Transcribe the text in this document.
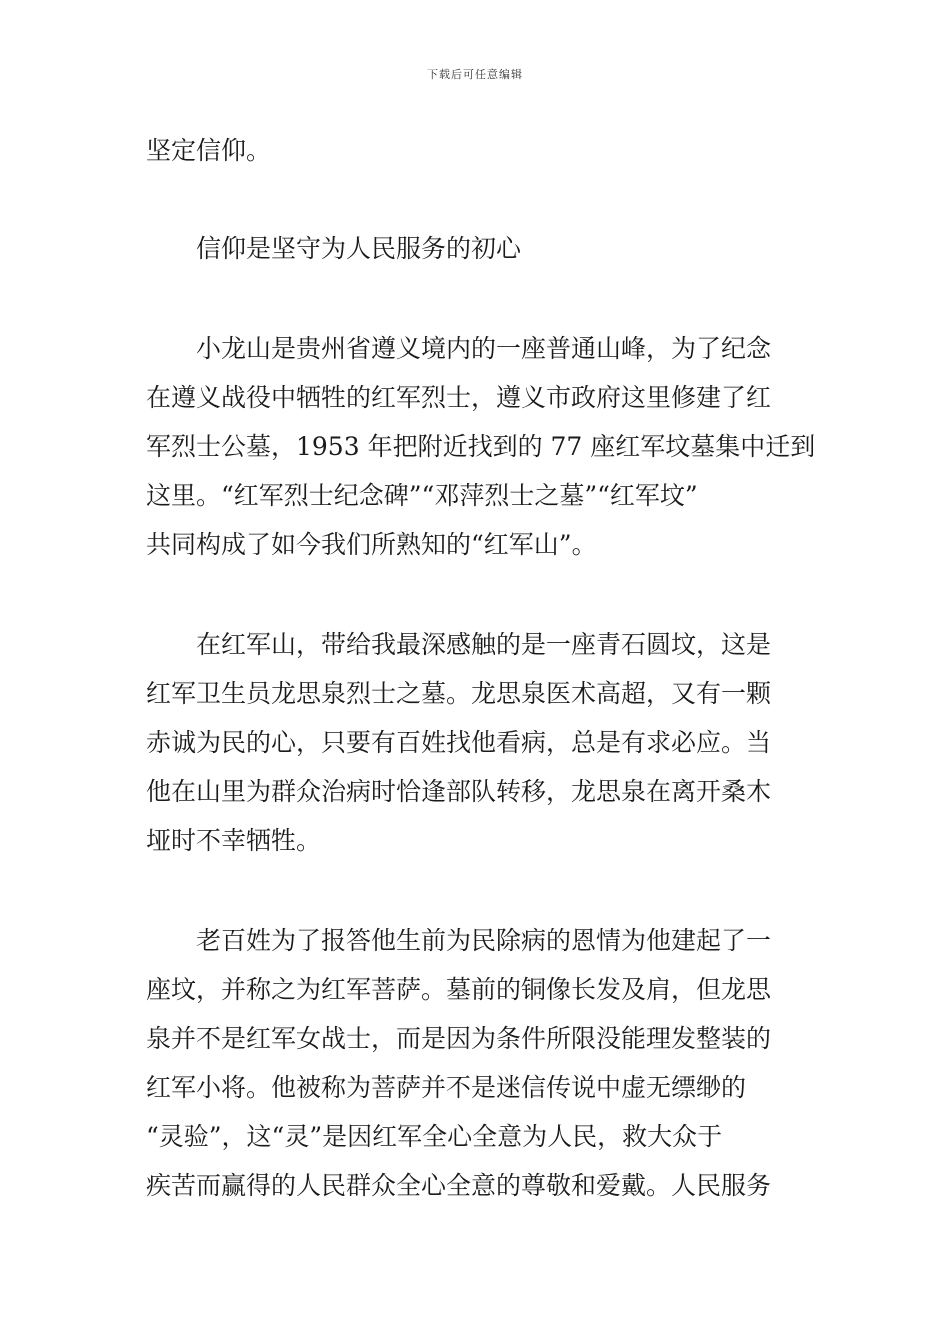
下载后可任意编辑
坚定信仰。
信仰是坚守为人民服务的初心
小龙山是贵州省遵义境内的一座普通山峰，为了纪念
在遵义战役中牺牲的红军烈士，遵义市政府这里修建了红
军烈士公墓，1953 年把附近找到的 77 座红军坟墓集中迁到
这里。“红军烈士纪念碑”“邓萍烈士之墓”“红军坟”
共同构成了如今我们所熟知的“红军山”。
在红军山，带给我最深感触的是一座青石圆坟，这是
红军卫生员龙思泉烈士之墓。龙思泉医术高超，又有一颗
赤诚为民的心，只要有百姓找他看病，总是有求必应。当
他在山里为群众治病时恰逢部队转移，龙思泉在离开桑木
垭时不幸牺牲。
老百姓为了报答他生前为民除病的恩情为他建起了一
座坟，并称之为红军菩萨。墓前的铜像长发及肩，但龙思
泉并不是红军女战士，而是因为条件所限没能理发整装的
红军小将。他被称为菩萨并不是迷信传说中虚无缥缈的
“灵验”，这“灵”是因红军全心全意为人民，救大众于
疾苦而赢得的人民群众全心全意的尊敬和爱戴。人民服务
